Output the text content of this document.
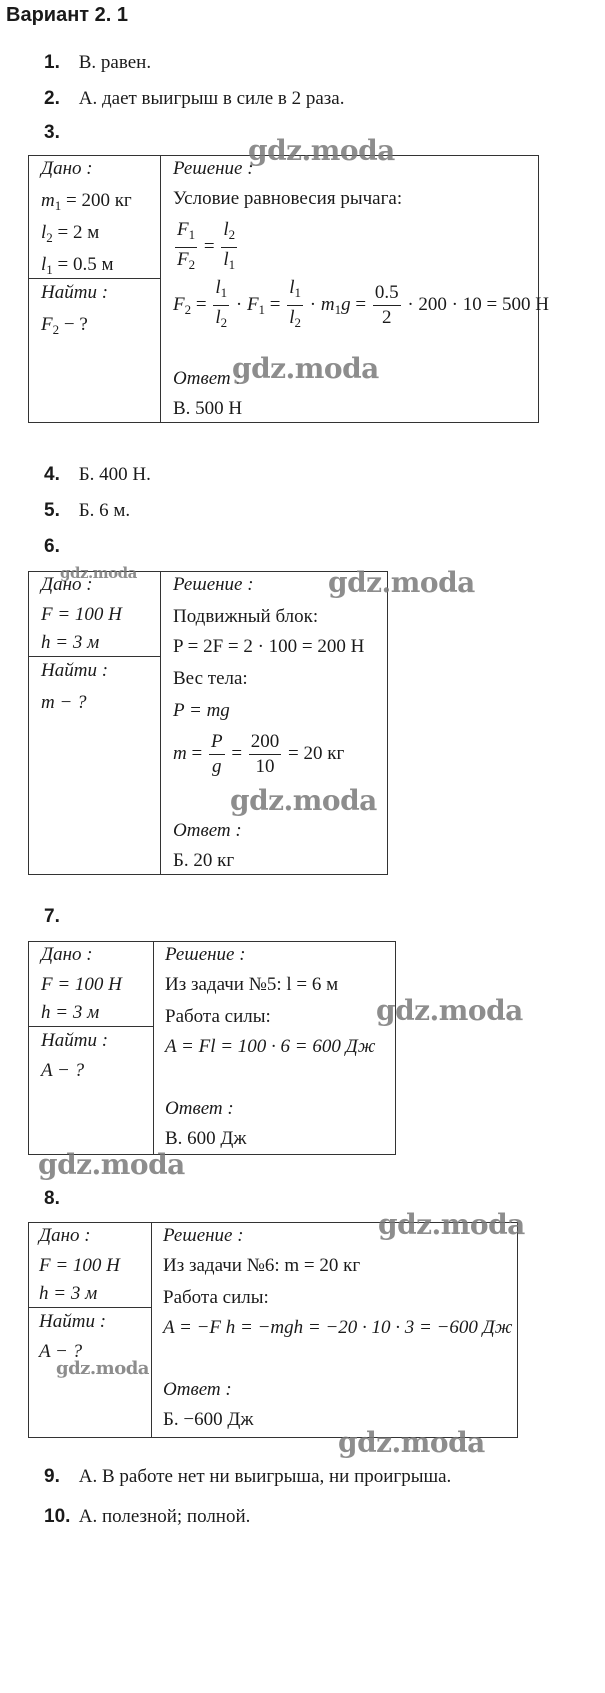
Вариант 2. 1
1. В. равен.
2. А. дает выигрыш в силе в 2 раза.
3.
Дано :
$m_1 = 200$ кг
$l_2 = 2$ м
$l_1 = 0.5$ м
Найти :
$F_2$ − ?
Решение :
Условие равновесия рычага:
$\frac{F_1}{F_2} = \frac{l_2}{l_1}$
$F_2 = \frac{l_1}{l_2} \cdot F_1 = \frac{l_1}{l_2} \cdot m_1g = \frac{0.5}{2} \cdot 200 \cdot 10 = 500$ Н
Ответ :
В. 500 Н
4. Б. 400 Н.
5. Б. 6 м.
6.
Дано :
F = 100 Н
h = 3 м
Найти :
m − ?
Решение :
Подвижный блок:
P = 2F = 2 · 100 = 200 Н
Вес тела:
P = mg
$m = \frac{P}{g} = \frac{200}{10} = 20$ кг
Ответ :
Б. 20 кг
7.
Дано :
F = 100 Н
h = 3 м
Найти :
A − ?
Решение :
Из задачи №5: l = 6 м
Работа силы:
A = Fl = 100 · 6 = 600 Дж
Ответ :
В. 600 Дж
8.
Дано :
F = 100 Н
h = 3 м
Найти :
A − ?
Решение :
Из задачи №6: m = 20 кг
Работа силы:
A = −F h = −mgh = −20 · 10 · 3 = −600 Дж
Ответ :
Б. −600 Дж
9. А. В работе нет ни выигрыша, ни проигрыша.
10. А. полезной; полной.
gdz.moda
gdz.moda
gdz.moda	gdz.moda
gdz.moda
gdz.moda
gdz.moda
gdz.moda
gdz.moda
gdz.moda
